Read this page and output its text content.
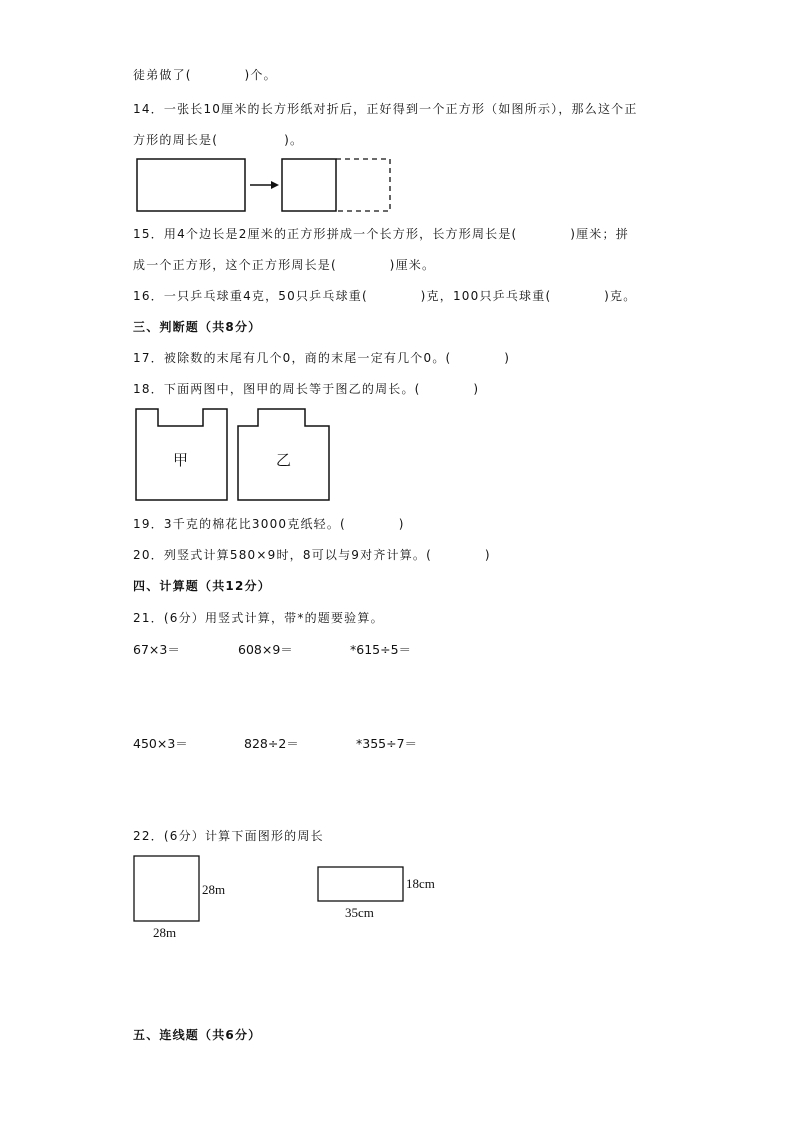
徒弟做了(　　　　)个。
14．一张长10厘米的长方形纸对折后，正好得到一个正方形（如图所示），那么这个正
方形的周长是(　　　　　)。
15．用4个边长是2厘米的正方形拼成一个长方形，长方形周长是(　　　　)厘米；拼
成一个正方形，这个正方形周长是(　　　　)厘米。
16．一只乒乓球重4克，50只乒乓球重(　　　　)克，100只乒乓球重(　　　　)克。
三、判断题（共8分）
17．被除数的末尾有几个0，商的末尾一定有几个0。(　　　　)
18．下面两图中，图甲的周长等于图乙的周长。(　　　　)
甲	乙
19．3千克的棉花比3000克纸轻。(　　　　)
20．列竖式计算580×9时，8可以与9对齐计算。(　　　　)
四、计算题（共12分）
21．(6分）用竖式计算，带*的题要验算。
67×3＝	608×9＝	*615÷5＝
450×3＝	828÷2＝	*355÷7＝
22．(6分）计算下面图形的周长
28m
28m
18cm
35cm
五、连线题（共6分）
